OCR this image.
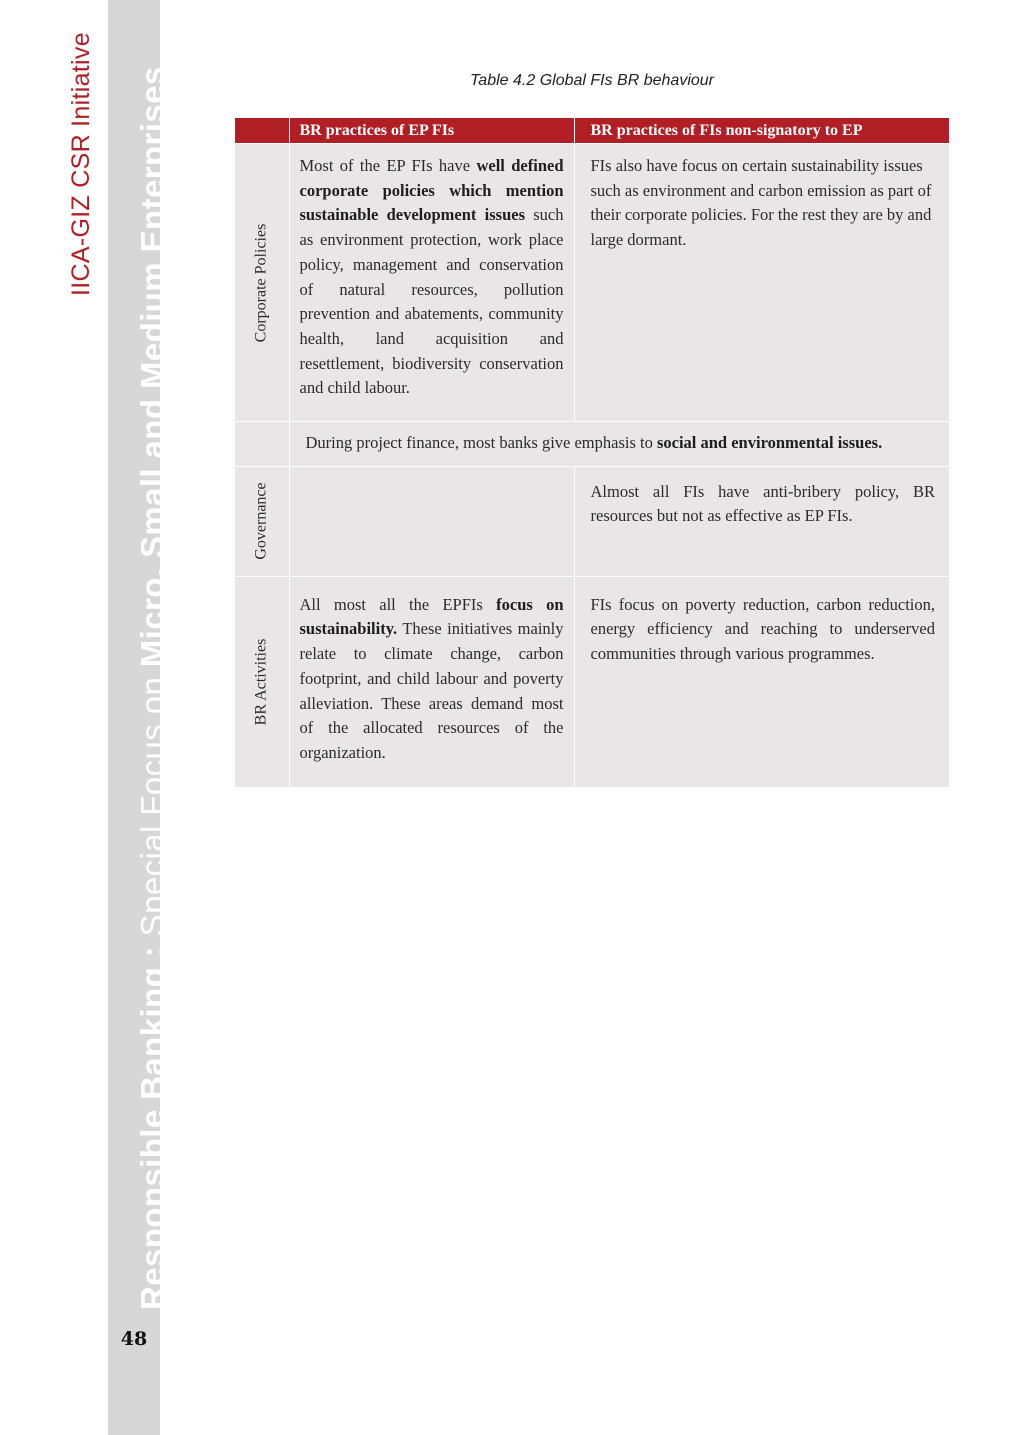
IICA-GIZ CSR Initiative
Responsible Banking : Special Focus on Micro, Small and Medium Enterprises
48
Table 4.2 Global FIs BR behaviour
	BR practices of EP FIs	BR practices of FIs non-signatory to EP

Corporate Policies	Most of the EP FIs have well defined corporate policies which mention sustainable development issues such as environment protection, work place policy, management and conservation of natural resources, pollution prevention and abatements, community health, land acquisition and resettlement, biodiversity conservation and child labour.	FIs also have focus on certain sustainability issues such as environment and carbon emission as part of their corporate policies. For the rest they are by and large dormant.
	During project finance, most banks give emphasis to social and environmental issues.	

Governance		Almost all FIs have anti-bribery policy, BR resources but not as effective as EP FIs.

BR Activities	All most all the EPFIs focus on sustainability. These initiatives mainly relate to climate change, carbon footprint, and child labour and poverty alleviation. These areas demand most of the allocated resources of the organization.	FIs focus on poverty reduction, carbon reduction, energy efficiency and reaching to underserved communities through various programmes.
